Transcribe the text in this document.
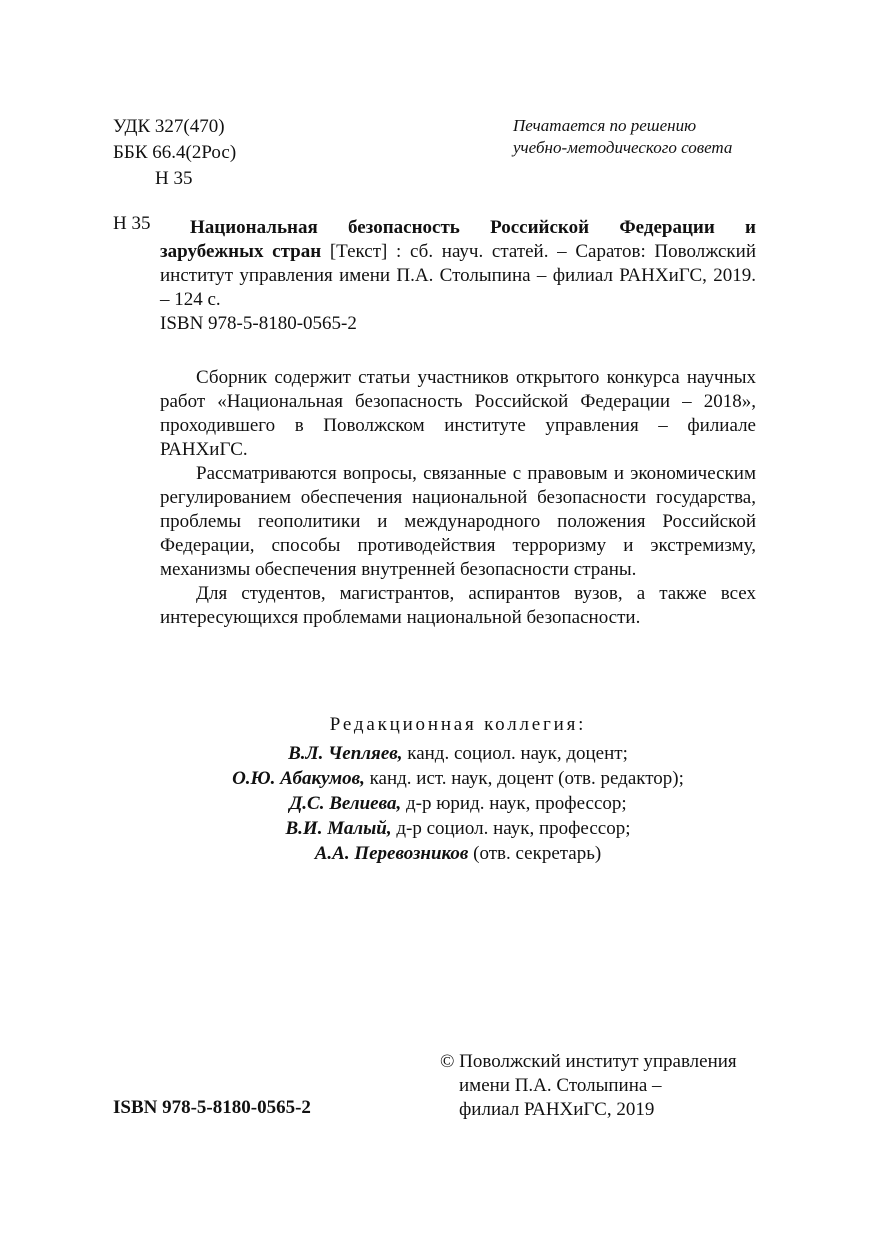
УДК 327(470)
ББК 66.4(2Рос)
Н 35
Печатается по решению
учебно-методического совета
Н 35	Национальная безопасность Российской Федерации и зарубежных стран [Текст] : сб. науч. статей. – Саратов: Поволжский институт управления имени П.А. Столыпина – филиал РАНХиГС, 2019. – 124 с.

ISBN 978-5-8180-0565-2

Сборник содержит статьи участников открытого конкурса научных работ «Национальная безопасность Российской Федерации – 2018», проходившего в Поволжском институте управления – филиале РАНХиГС.

Рассматриваются вопросы, связанные с правовым и экономическим регулированием обеспечения национальной безопасности государства, проблемы геополитики и международного положения Российской Федерации, способы противодействия терроризму и экстремизму, механизмы обеспечения внутренней безопасности страны.

Для студентов, магистрантов, аспирантов вузов, а также всех интересующихся проблемами национальной безопасности.

Редакционная коллегия:
В.Л. Чепляев, канд. социол. наук, доцент;
О.Ю. Абакумов, канд. ист. наук, доцент (отв. редактор);
Д.С. Велиева, д-р юрид. наук, профессор;
В.И. Малый, д-р социол. наук, профессор;
А.А. Перевозников (отв. секретарь)
ISBN 978-5-8180-0565-2
© Поволжский институт управления
имени П.А. Столыпина –
филиал РАНХиГС, 2019
